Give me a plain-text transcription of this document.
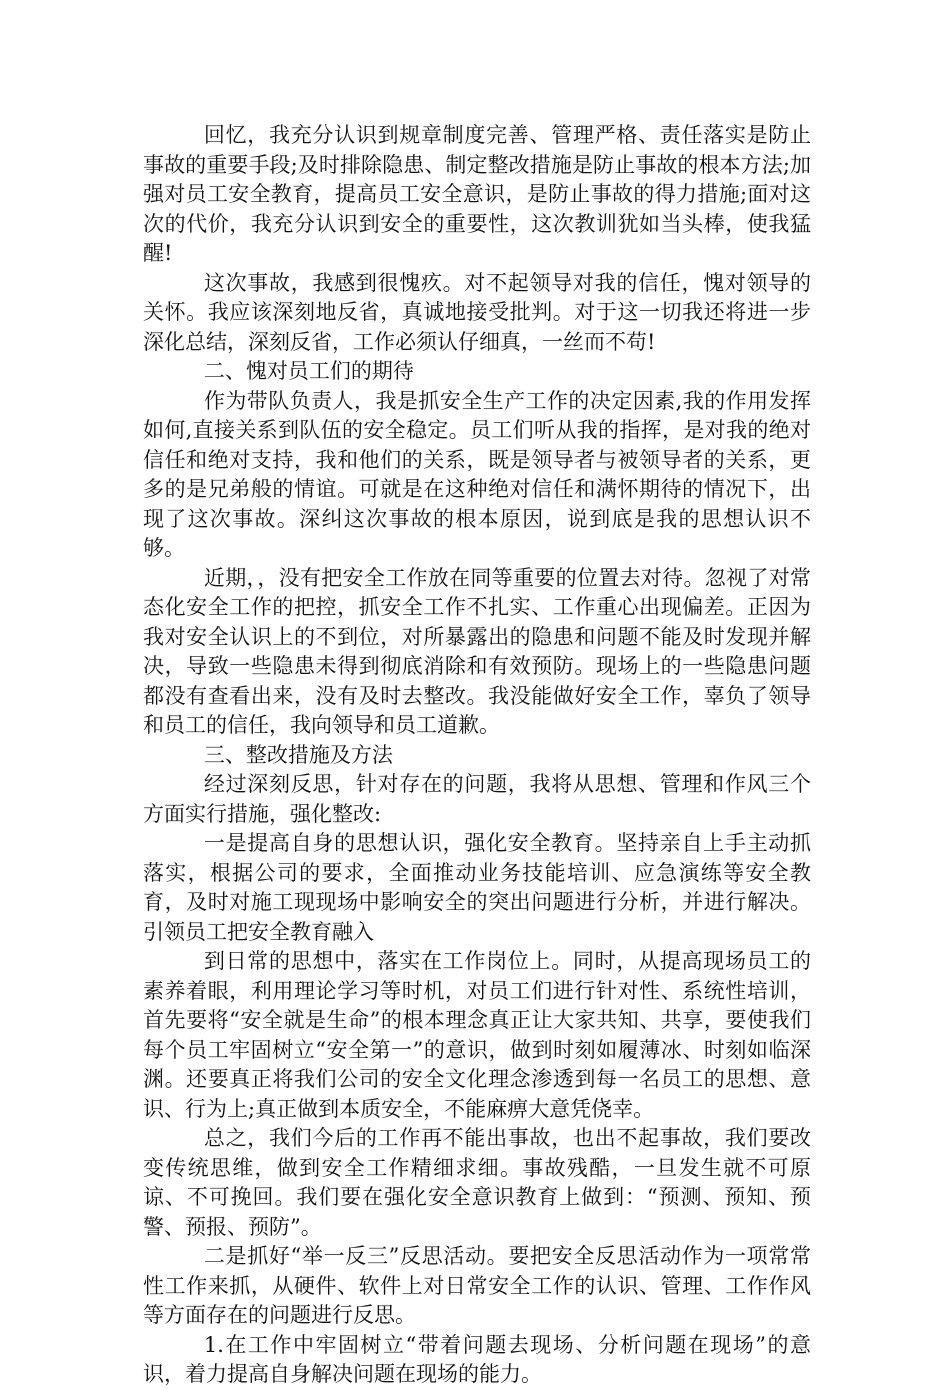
回忆，我充分认识到规章制度完善、管理严格、责任落实是防止事故的重要手段;及时排除隐患、制定整改措施是防止事故的根本方法;加强对员工安全教育，提高员工安全意识，是防止事故的得力措施;面对这次的代价，我充分认识到安全的重要性，这次教训犹如当头棒，使我猛醒!

这次事故，我感到很愧疚。对不起领导对我的信任，愧对领导的关怀。我应该深刻地反省，真诚地接受批判。对于这一切我还将进一步深化总结，深刻反省，工作必须认仔细真，一丝而不苟!

二、愧对员工们的期待

作为带队负责人，我是抓安全生产工作的决定因素,我的作用发挥如何,直接关系到队伍的安全稳定。员工们听从我的指挥，是对我的绝对信任和绝对支持，我和他们的关系，既是领导者与被领导者的关系，更多的是兄弟般的情谊。可就是在这种绝对信任和满怀期待的情况下，出现了这次事故。深纠这次事故的根本原因，说到底是我的思想认识不够。

近期，，没有把安全工作放在同等重要的位置去对待。忽视了对常态化安全工作的把控，抓安全工作不扎实、工作重心出现偏差。正因为我对安全认识上的不到位，对所暴露出的隐患和问题不能及时发现并解决，导致一些隐患未得到彻底消除和有效预防。现场上的一些隐患问题都没有查看出来，没有及时去整改。我没能做好安全工作，辜负了领导和员工的信任，我向领导和员工道歉。

三、整改措施及方法

经过深刻反思，针对存在的问题，我将从思想、管理和作风三个方面实行措施，强化整改:

一是提高自身的思想认识，强化安全教育。坚持亲自上手主动抓落实，根据公司的要求，全面推动业务技能培训、应急演练等安全教育，及时对施工现现场中影响安全的突出问题进行分析，并进行解决。引领员工把安全教育融入

到日常的思想中，落实在工作岗位上。同时，从提高现场员工的素养着眼，利用理论学习等时机，对员工们进行针对性、系统性培训，首先要将“安全就是生命”的根本理念真正让大家共知、共享，要使我们每个员工牢固树立“安全第一”的意识，做到时刻如履薄冰、时刻如临深渊。还要真正将我们公司的安全文化理念渗透到每一名员工的思想、意识、行为上;真正做到本质安全，不能麻痹大意凭侥幸。

总之，我们今后的工作再不能出事故，也出不起事故，我们要改变传统思维，做到安全工作精细求细。事故残酷，一旦发生就不可原谅、不可挽回。我们要在强化安全意识教育上做到：“预测、预知、预警、预报、预防”。

二是抓好“举一反三”反思活动。要把安全反思活动作为一项常常性工作来抓，从硬件、软件上对日常安全工作的认识、管理、工作作风等方面存在的问题进行反思。

1.在工作中牢固树立“带着问题去现场、分析问题在现场”的意识，着力提高自身解决问题在现场的能力。
